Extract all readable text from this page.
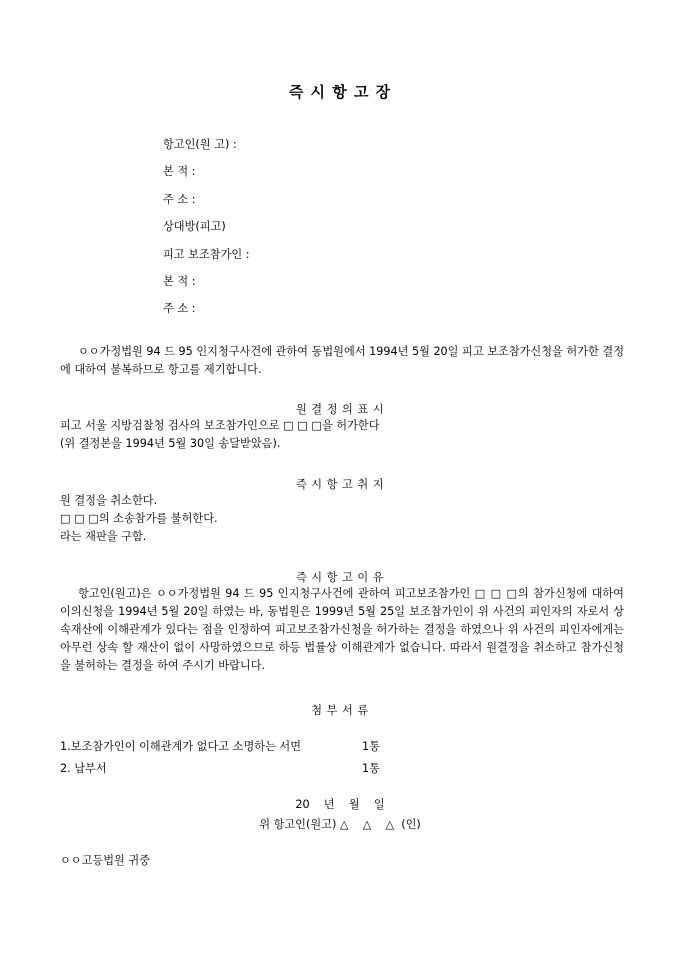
즉 시 항 고 장
항고인(원 고) :
본 적 :
주 소 :
상대방(피고)
피고 보조참가인 :
본 적 :
주 소 :

ㅇㅇ가정법원 94 드 95 인지청구사건에 관하여 동법원에서 1994년 5월 20일 피고 보조참가신청을 허가한 결정에 대하여 불복하므로 항고를 제기합니다.

원 결 정 의 표 시
피고 서울 지방검찰청 검사의 보조참가인으로 □ □ □을 허가한다
(위 결정본을 1994년 5월 30일 송달받았음).
즉 시 항 고 취 지
원 결정을 취소한다.
□ □ □의 소송참가를 불허한다.
라는 재판을 구함.
즉 시 항 고 이 유

항고인(원고)은 ㅇㅇ가정법원 94 드 95 인지청구사건에 관하여 피고보조참가인 □ □ □의 참가신청에 대하여 이의신청을 1994년 5월 20일 하였는 바, 동법원은 1999년 5월 25일 보조참가인이 위 사건의 피인자의 자로서 상속재산에 이해관계가 있다는 점을 인정하여 피고보조참가신청을 허가하는 결정을 하였으나 위 사건의 피인자에게는 아무런 상속 할 재산이 없이 사망하였으므로 하등 법률상 이해관계가 없습니다. 따라서 원결정을 취소하고 참가신청을 불허하는 결정을 하여 주시기 바랍니다.

첨 부 서 류
1.보조참가인이 이해관계가 없다고 소명하는 서면	1통
2. 납부서	1통
20    년    월    일
위 항고인(원고) △    △    △  (인)
ㅇㅇ고등법원 귀중
